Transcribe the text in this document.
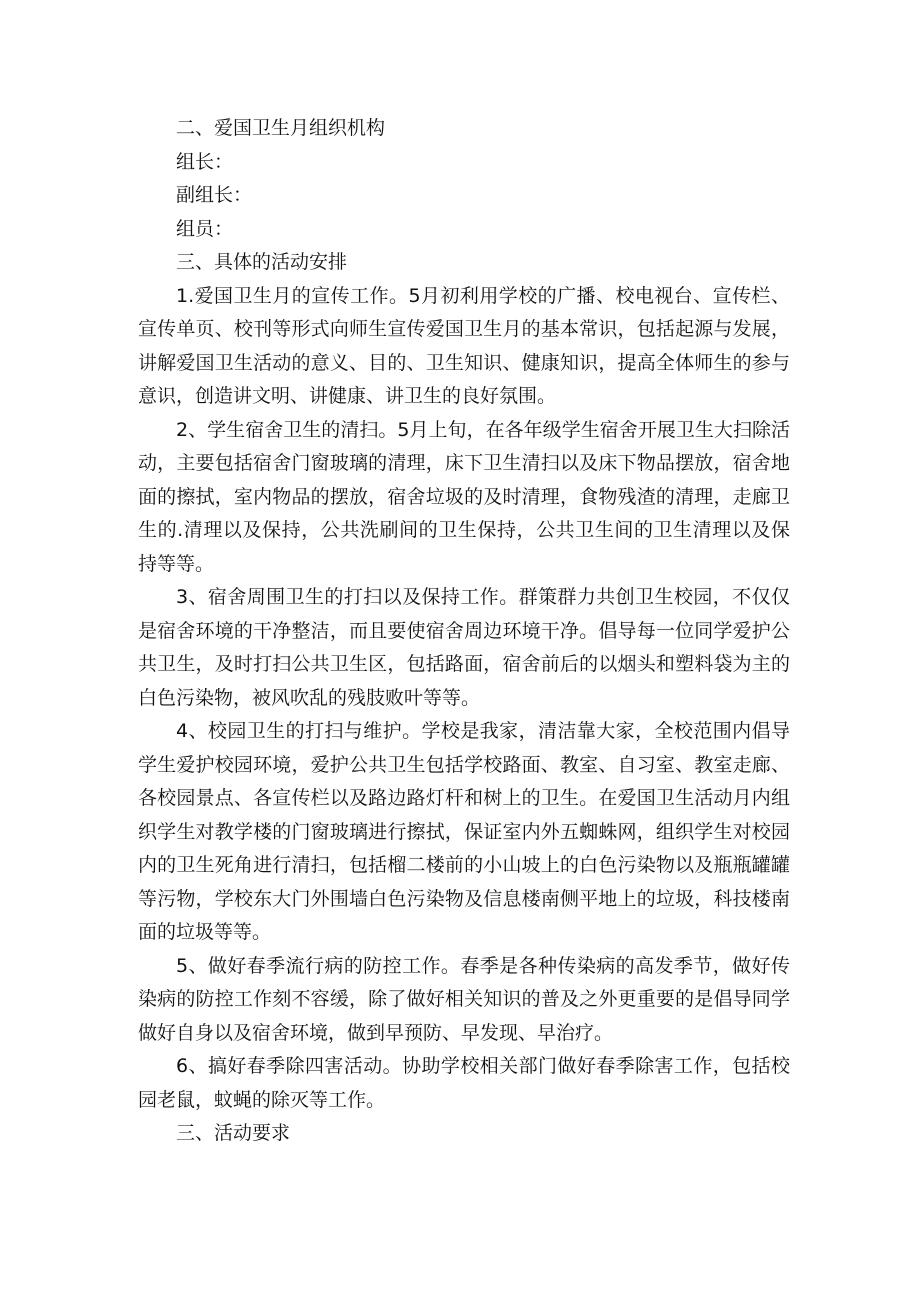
二、爱国卫生月组织机构

组长：

副组长：

组员：

三、具体的活动安排

1.爱国卫生月的宣传工作。5月初利用学校的广播、校电视台、宣传栏、宣传单页、校刊等形式向师生宣传爱国卫生月的基本常识，包括起源与发展，讲解爱国卫生活动的意义、目的、卫生知识、健康知识，提高全体师生的参与意识，创造讲文明、讲健康、讲卫生的良好氛围。

2、学生宿舍卫生的清扫。5月上旬，在各年级学生宿舍开展卫生大扫除活动，主要包括宿舍门窗玻璃的清理，床下卫生清扫以及床下物品摆放，宿舍地面的擦拭，室内物品的摆放，宿舍垃圾的及时清理，食物残渣的清理，走廊卫生的.清理以及保持，公共洗刷间的卫生保持，公共卫生间的卫生清理以及保持等等。

3、宿舍周围卫生的打扫以及保持工作。群策群力共创卫生校园，不仅仅是宿舍环境的干净整洁，而且要使宿舍周边环境干净。倡导每一位同学爱护公共卫生，及时打扫公共卫生区，包括路面，宿舍前后的以烟头和塑料袋为主的白色污染物，被风吹乱的残肢败叶等等。

4、校园卫生的打扫与维护。学校是我家，清洁靠大家，全校范围内倡导学生爱护校园环境，爱护公共卫生包括学校路面、教室、自习室、教室走廊、各校园景点、各宣传栏以及路边路灯杆和树上的卫生。在爱国卫生活动月内组织学生对教学楼的门窗玻璃进行擦拭，保证室内外五蜘蛛网，组织学生对校园内的卫生死角进行清扫，包括榴二楼前的小山坡上的白色污染物以及瓶瓶罐罐等污物，学校东大门外围墙白色污染物及信息楼南侧平地上的垃圾，科技楼南面的垃圾等等。

5、做好春季流行病的防控工作。春季是各种传染病的高发季节，做好传染病的防控工作刻不容缓，除了做好相关知识的普及之外更重要的是倡导同学做好自身以及宿舍环境，做到早预防、早发现、早治疗。

6、搞好春季除四害活动。协助学校相关部门做好春季除害工作，包括校园老鼠，蚊蝇的除灭等工作。

三、活动要求
